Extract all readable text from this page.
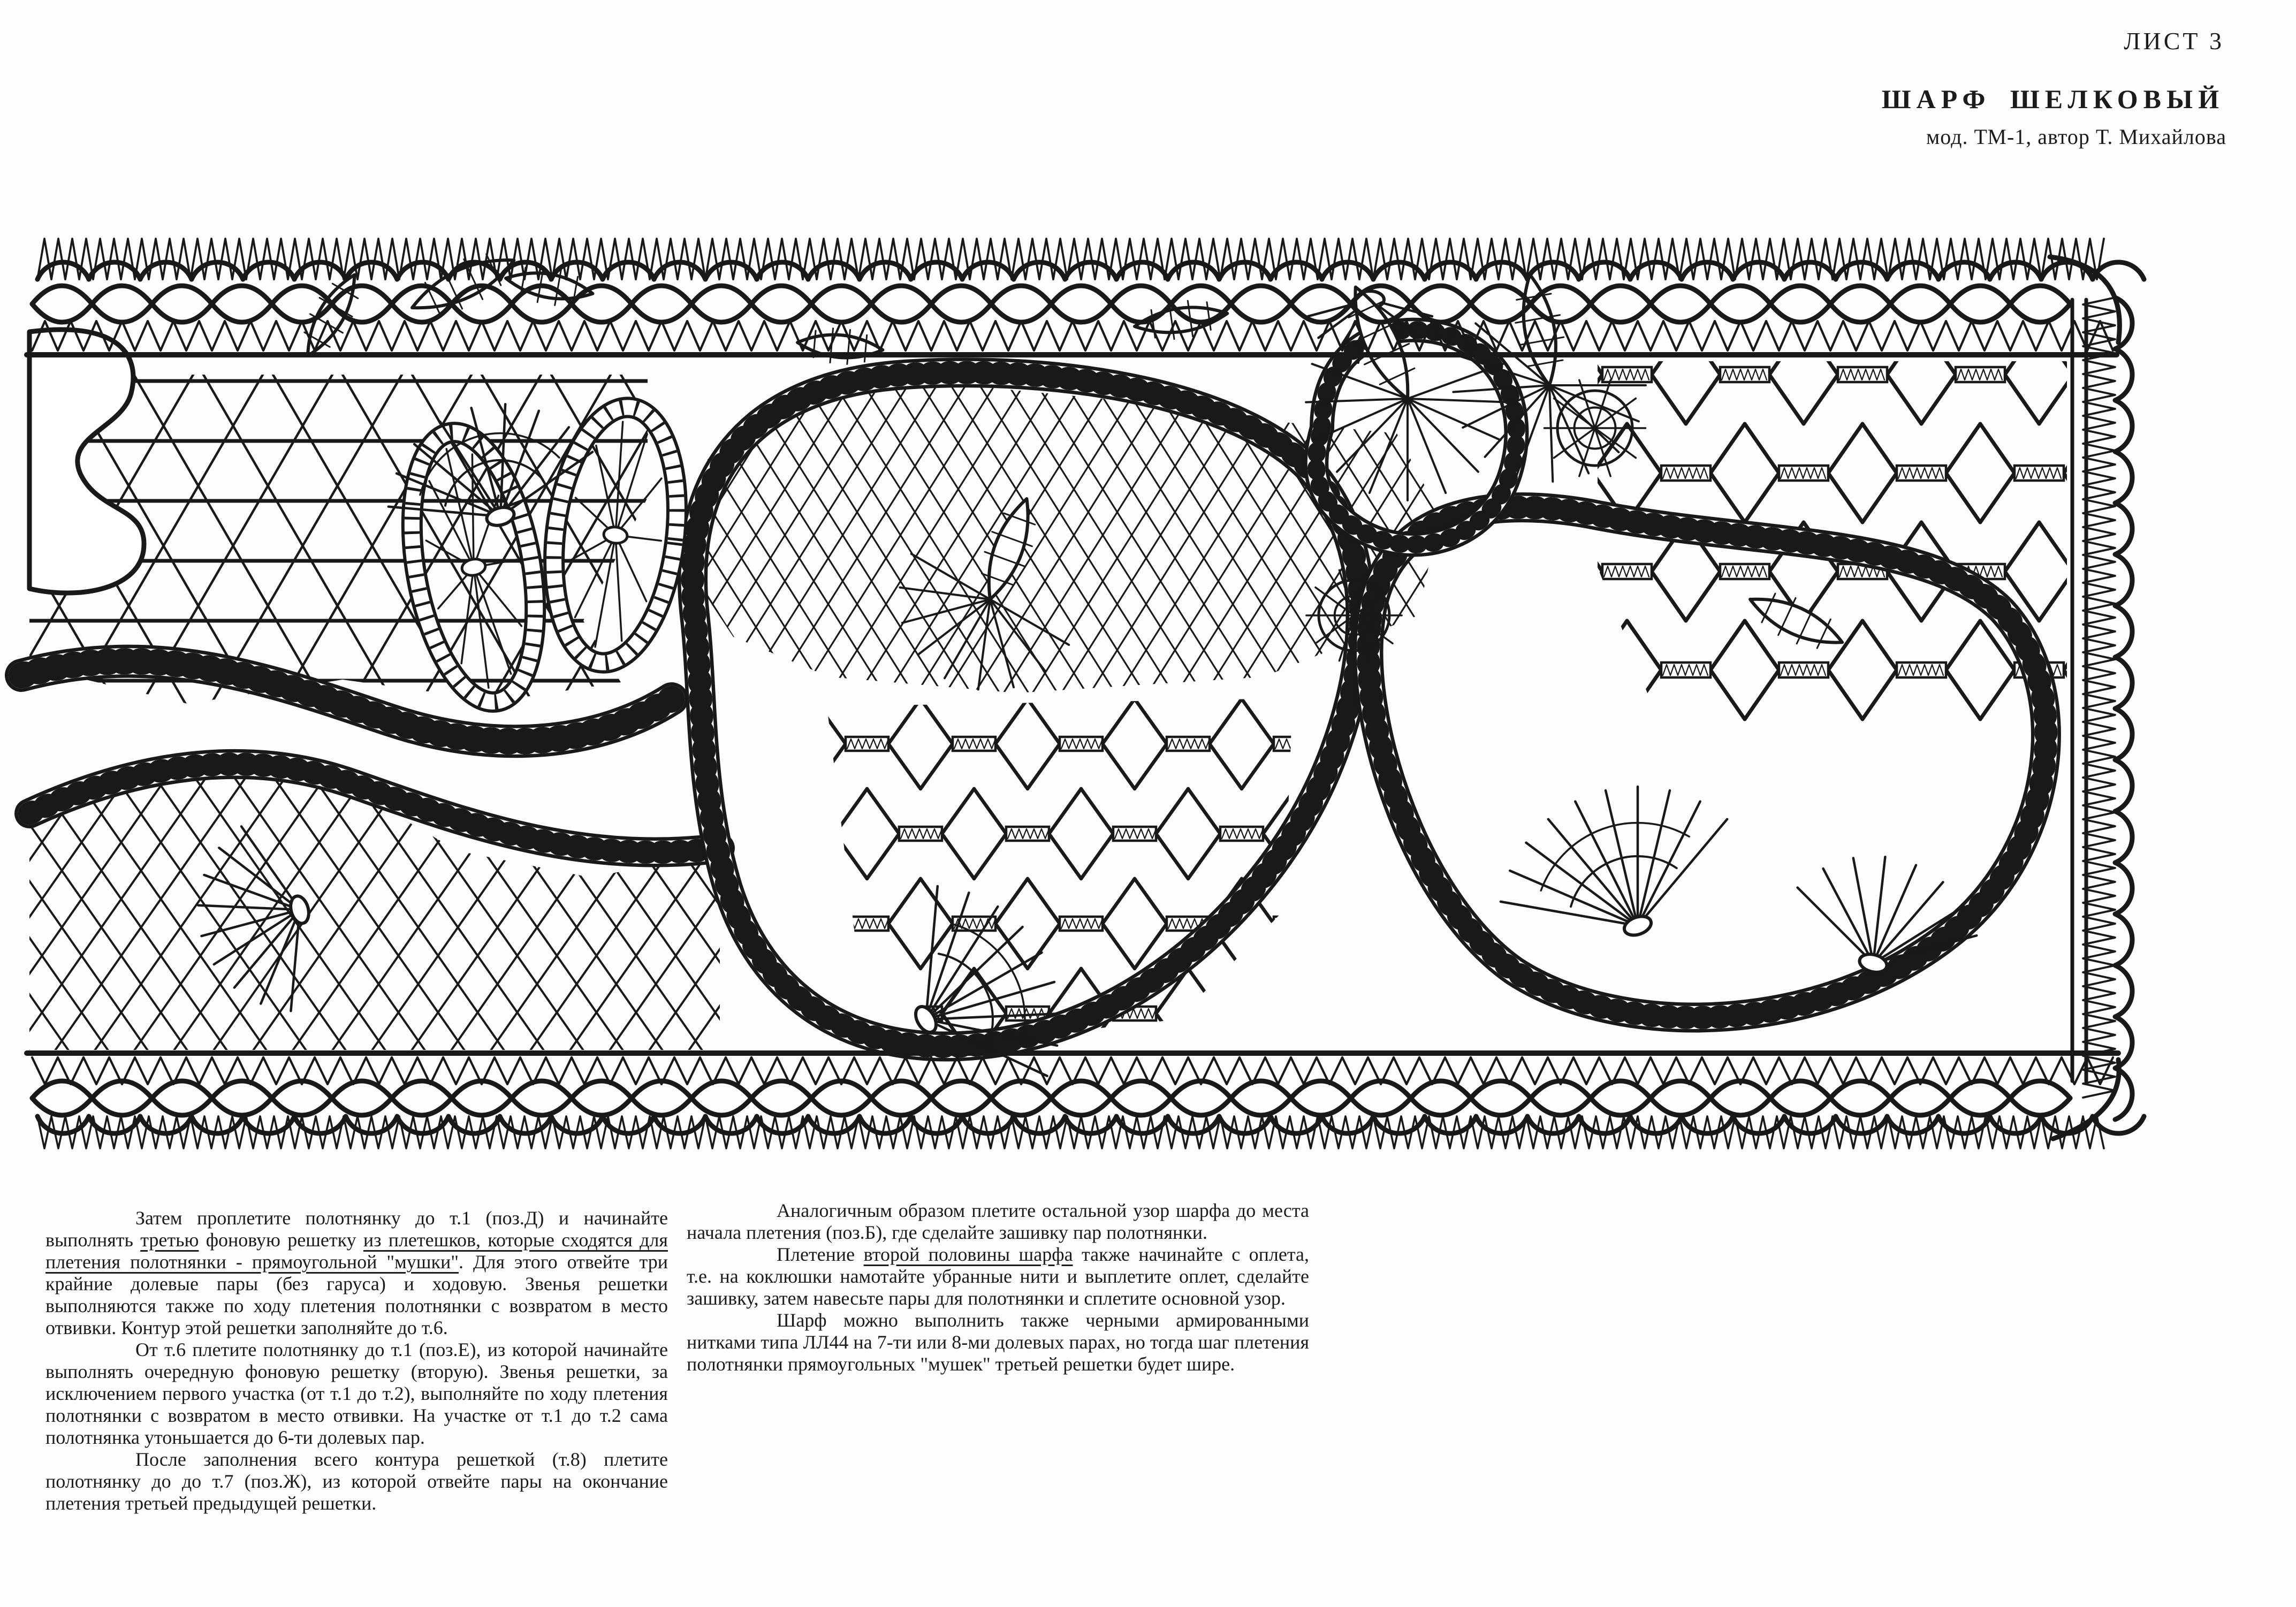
ЛИСТ 3
ШАРФ ШЕЛКОВЫЙ
мод. ТМ-1, автор Т. Михайлова

Затем проплетите полотнянку до т.1 (поз.Д) и начинайте выполнять третью фоновую решетку из плетешков, которые сходятся для плетения полотнянки - прямоугольной "мушки". Для этого отвейте три крайние долевые пары (без гаруса) и ходовую. Звенья решетки выполняются также по ходу плетения полотнянки с возвратом в место отвивки. Контур этой решетки заполняйте до т.6.

От т.6 плетите полотнянку до т.1 (поз.Е), из которой начинайте выполнять очередную фоновую решетку (вторую). Звенья решетки, за исключением первого участка (от т.1 до т.2), выполняйте по ходу плетения полотнянки с возвратом в место отвивки. На участке от т.1 до т.2 сама полотнянка утоньшается до 6-ти долевых пар.

После заполнения всего контура решеткой (т.8) плетите полотнянку до до т.7 (поз.Ж), из которой отвейте пары на окончание плетения третьей предыдущей решетки.

Аналогичным образом плетите остальной узор шарфа до места начала плетения (поз.Б), где сделайте зашивку пар полотнянки.

Плетение второй половины шарфа также начинайте с оплета, т.е. на коклюшки намотайте убранные нити и выплетите оплет, сделайте зашивку, затем навесьте пары для полотнянки и сплетите основной узор.

Шарф можно выполнить также черными армированными нитками типа ЛЛ44 на 7-ти или 8-ми долевых парах, но тогда шаг плетения полотнянки прямоугольных "мушек" третьей решетки будет шире.
